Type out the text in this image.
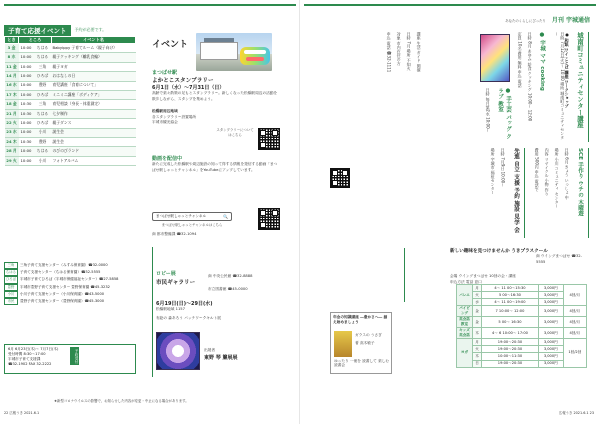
子育て応援イベント	予約が必要です。
とき	ところ		イベント名
3 金	10:00	ちはる	Babyippy 子育てルーム（親子向け）
8 水	10:00	ちはる	親子クッキング（離乳食編）
11 金	10:00	三角	親子ヨガ
14 月	10:00	ひろば	おはなしの日
16 水	10:00	豊野	育児講座「食育について」
17 木	10:00	ひろば	ミニミニ講座「ボディケア」
18 金	10:30	三角	育児相談（身長・体重測定）
21 月	10:30	ちはる	七夕制作
22 火	10:00	ひろば	親子ダンス
23 水	10:00	小川	誕生会
24 木	10:30	豊野	誕生会
28 月	10:00	ちはる	のびのびランド
29 火	10:00	小川	フォトアルバム
三角 三角子育て支援センター（みすみ保育園）☎32-0000
ちはる 子育て支援センター（ちはる保育園）☎32-5555
ひろば 宇城市子育てひろば（宇城市保健福祉センター）☎27-5858
豊野 宇城市豊野子育て支援センター 豊野保育園 ☎45-3232
小川 小川子育て支援センター（小川保育園）☎43-5000
市民 豊野子育て支援センター（豊野保育園）☎45-3000
6月 6月23日(木)〜 7月7日(木)
受付時間 8:30〜17:00
宇城市子育て支援課
☎32-1902 FAX 32-2222
予約受付
イベント
まつばせ駅
よかとこスタンプラリー
6月1日（水）〜7月31日（日）
高齢で楽々散策の足もとスタンプラリー。新しくなった松橋駅周辺の活動を散歩しながら、スタンプを集めよう。
松橋駅周辺地域
各スタンプラリー設置場所
宇城市観光協会
スタンプラリーについてはこちら
動画を配信中
新たに完成した松橋駅や周辺施設の知って得する情報を発信する動画「まつばせ駅しゃっとチャンネル」をYouTubeにアップしています。
まつばせ駅しゃっとチャンネル	🔍
まつばせ駅しゃっとチャンネルはこちら
商 都市整備課 ☎32-1094
ロビー展
市民ギャラリー
6月19日(日)〜29日(水)
松橋駅地域 1157
布絵の 森あろう パッチワークキルト展
出展者
東野 琴 簾展展
商 中央公民館 ☎32-8888
市立図書館 ☎45-0000
22 広報うき 2021.6.1
★新型コロナウイルスの影響で、お知らせした内容が変更・中止になる場合があります。
あなたのくらしにぴったり 月刊 宇城通信
城南町コミュニティセンター講座
● 和紙 ワイ ことば 講座 ワークショップ
日時 7月12日(火)〜 10:00 場所 城南町コミュニティセンター
● 宇城 ママ cooking
日時 8月 あゆみ 給食 クッキング 10:00〜 12:00
定員 10名 費用 無料 申込 電話
● 手工芸 バッグ クラブ 教室
日時 毎月第2水 10:00〜
SCE 手作り ウチの 木曜遊
日時 6月 きょう いっしょ 中
場所 小川 コミュニティ センター
内容 リサイクル 小物 作り
費用 500円 申込 電話で
先進 自立 支援 予約 施設 見学 会
日時 7月9日 10:00〜
場所 宇城市 福祉センター
講座 生活 ガイド 開催
日時 7月 場所 不知火
対象 市内在住の方
申込 電話 ☎32-1111
年金の知識講座 ―豊かさへ― 揃え始めましょう
ガラスの うさぎ
著 高木敏子
ゆったり 一冊を 読書して 楽しむ 読書会
新しい趣味を見つけませんか うきプラスクール
商 ウイングまつばせ ☎32-5555
会場 ウイングまつばせ 10回の会・講座
申込方法 電話 窓口
バレエ	月	4〜 11 00〜15:30	3,000円	4回/月
	火	5 00〜16:30	3,000円	
	水	4〜 11 00〜19:00	3,000円	
パイピング	金	7 10:00〜 12:00	3,000円	4回/月
英会話教室	金	5 00〜 16:30	3,000円	4回/月
キッズ英会話	木	4〜 6 10:00〜 17:00	3,000円	4回/月
ヨガ	月	19:00〜20:30	3,000円	1回/2回
	火	19:00〜20:30	3,000円	
	木	10:00〜11:30	3,000円	
	日	19:00〜20:30	3,000円	
広報うき 2021.6.1 23
